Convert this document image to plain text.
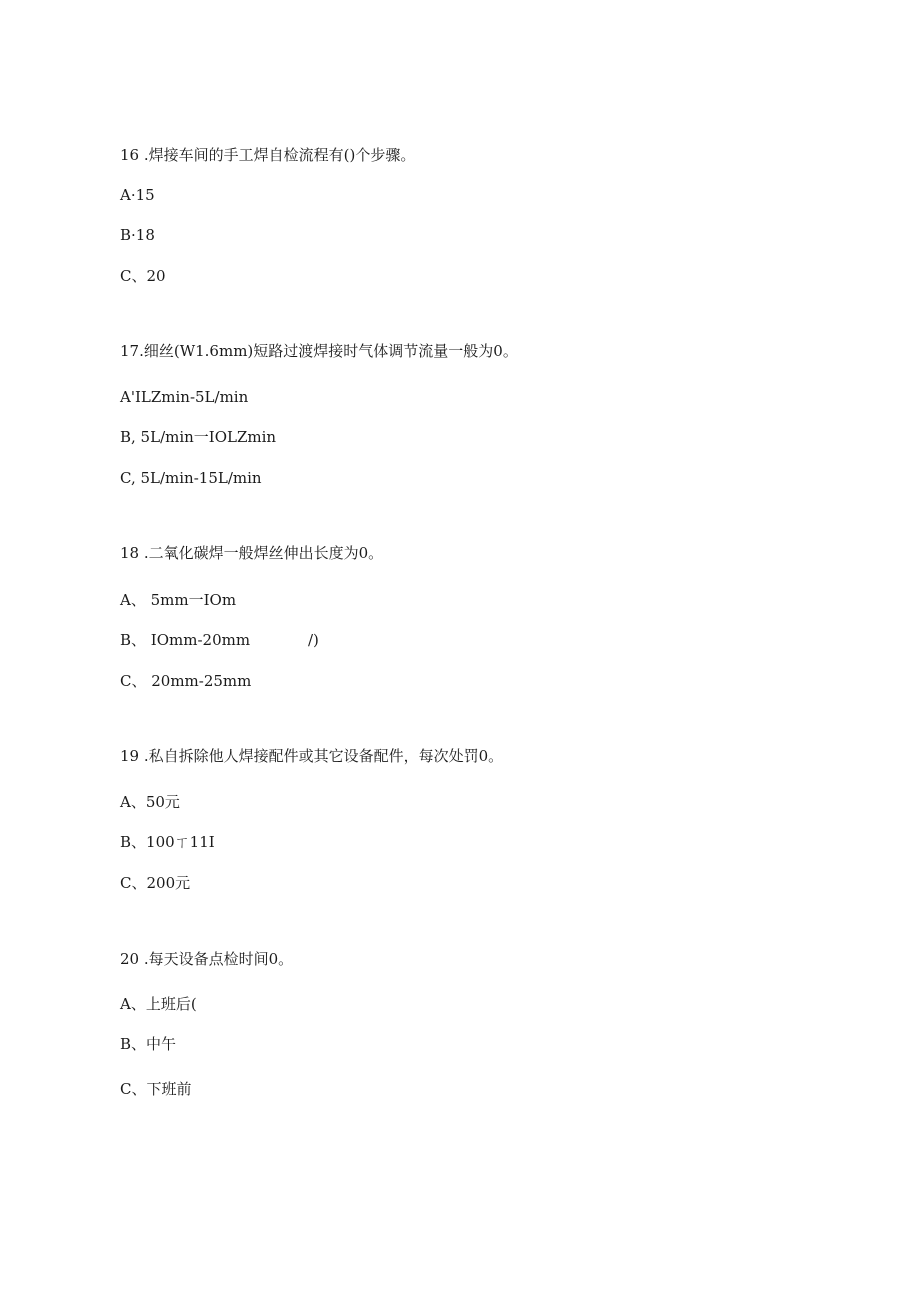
16 .焊接车间的手工焊自检流程有()个步骤。
A·15
B·18
C、20
17.细丝(W1.6mm)短路过渡焊接时气体调节流量一般为0。
A'ILZmin-5L/min
B, 5L/min一IOLZmin
C, 5L/min-15L/min
18 .二氧化碳焊一般焊丝伸出长度为0。
A、 5mm一IOm
B、 IOmm-20mm	/)
C、 20mm-25mm
19 .私自拆除他人焊接配件或其它设备配件，每次处罚0。
A、50元
B、100ㄒ11I
C、200元
20 .每天设备点检时间0。
A、上班后(
B、中午
C、下班前
